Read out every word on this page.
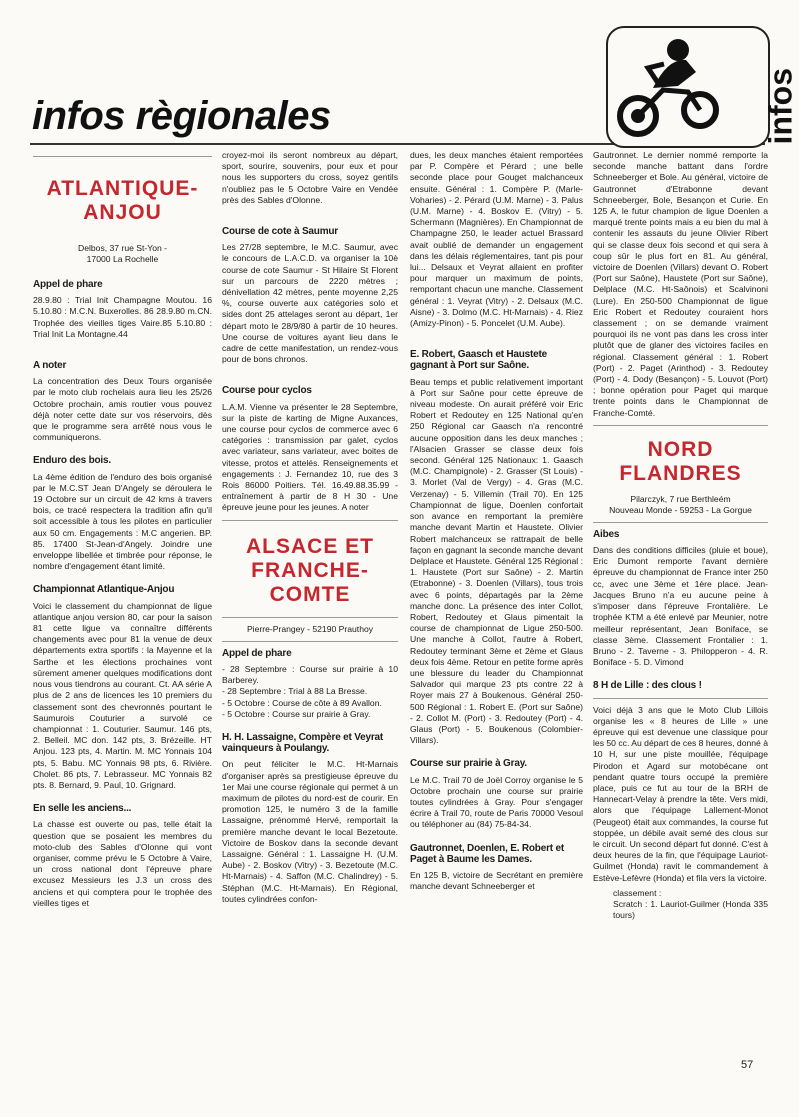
infos règionales	infos
ATLANTIQUE-ANJOU
Delbos, 37 rue St-Yon -
17000 La Rochelle
Appel de phare

28.9.80 : Trial Init Champagne Moutou. 16 5.10.80 : M.C.N. Buxerolles. 86 28.9.80 m.CN. Trophée des vieilles tiges Vaire.85 5.10.80 : Trial Init La Montagne.44

A noter

La concentration des Deux Tours organisée par le moto club rochelais aura lieu les 25/26 Octobre prochain, amis routier vous pouvez déjà noter cette date sur vos réservoirs, dès que le programme sera arrêté nous vous le communiquerons.

Enduro des bois.

La 4ème édition de l'enduro des bois organisé par le M.C.ST Jean D'Angely se déroulera le 19 Octobre sur un circuit de 42 kms à travers bois, ce tracé respectera la tradition afin qu'il soit accessible à tous les pilotes en particulier aux 50 cm. Engagements : M.C angerien. BP. 85. 17400 St-Jean-d'Angely. Joindre une enveloppe libellée et timbrée pour réponse, le nombre d'engagement étant limité.

Championnat Atlantique-Anjou

Voici le classement du championnat de ligue atlantique anjou version 80, car pour la saison 81 cette ligue va connaître différents changements avec pour 81 la venue de deux départements extra sportifs : la Mayenne et la Sarthe et les élections prochaines vont sûrement amener quelques modifications dont nous vous tiendrons au courant. Ct. AA série A plus de 2 ans de licences les 10 premiers du classement sont des chevronnés pourtant le Saumurois Couturier a survolé ce championnat : 1. Couturier. Saumur. 146 pts, 2. Belleil. MC don. 142 pts, 3. Brézeille. HT Anjou. 123 pts, 4. Martin. M. MC Yonnais 104 pts, 5. Babu. MC Yonnais 98 pts, 6. Rivière. Cholet. 86 pts, 7. Lebrasseur. MC Yonnais 82 pts. 8. Bernard, 9. Paul, 10. Grignard.

En selle les anciens...

La chasse est ouverte ou pas, telle était la question que se posaient les membres du moto-club des Sables d'Olonne qui vont organiser, comme prévu le 5 Octobre à Vaire, un cross national dont l'épreuve phare excusez Messieurs les J.3 un cross des anciens et qui comptera pour le trophée des vieilles tiges et

croyez-moi ils seront nombreux au départ, sport, sourire, souvenirs, pour eux et pour nous les supporters du cross, soyez gentils n'oubliez pas le 5 Octobre Vaire en Vendée près des Sables d'Olonne.

Course de cote à Saumur

Les 27/28 septembre, le M.C. Saumur, avec le concours de L.A.C.D. va organiser la 10è course de cote Saumur - St Hilaire St Florent sur un parcours de 2220 mètres ; dénivellation 42 mètres, pente moyenne 2,25 %, course ouverte aux catégories solo et sides dont 25 attelages seront au départ, 1er départ moto le 28/9/80 à partir de 10 heures. Une course de voitures ayant lieu dans le cadre de cette manifestation, un rendez-vous pour de bons chronos.

Course pour cyclos

L.A.M. Vienne va présenter le 28 Septembre, sur la piste de karting de Migne Auxances, une course pour cyclos de commerce avec 6 catégories : transmission par galet, cyclos avec variateur, sans variateur, avec boites de vitesse, protos et attelés. Renseignements et engagements : J. Fernandez 10, rue des 3 Rois 86000 Poitiers. Tél. 16.49.88.35.99 - entraînement à partir de 8 H 30 - Une épreuve jeune pour les jeunes. A noter

ALSACE ET FRANCHE-COMTE
Pierre-Prangey - 52190 Prauthoy
Appel de phare

- 28 Septembre : Course sur prairie à 10 Barberey.

- 28 Septembre : Trial à 88 La Bresse.

- 5 Octobre : Course de côte à 89 Avallon.

- 5 Octobre : Course sur prairie à Gray.

H. H. Lassaigne, Compère et Veyrat vainqueurs à Poulangy.

On peut féliciter le M.C. Ht-Marnais d'organiser après sa prestigieuse épreuve du 1er Mai une course régionale qui permet à un maximum de pilotes du nord-est de courir. En promotion 125, le numéro 3 de la famille Lassaigne, prénommé Hervé, remportait la première manche devant le local Bezetoute. Victoire de Boskov dans la seconde devant Lassaigne. Général : 1. Lassaigne H. (U.M. Aube) - 2. Boskov (Vitry) - 3. Bezetoute (M.C. Ht-Marnais) - 4. Saffon (M.C. Chalindrey) - 5. Stéphan (M.C. Ht-Marnais). En Régional, toutes cylindrées confon-

dues, les deux manches étaient remportées par P. Compère et Pérard ; une belle seconde place pour Gouget malchanceux ensuite. Général : 1. Compère P. (Marle-Voharies) - 2. Pérard (U.M. Marne) - 3. Palus (U.M. Marne) - 4. Boskov E. (Vitry) - 5. Schermann (Magnières). En Championnat de Champagne 250, le leader actuel Brassard avait oublié de demander un engagement dans les délais réglementaires, tant pis pour lui... Delsaux et Veyrat allaient en profiter pour marquer un maximum de points, remportant chacun une manche. Classement général : 1. Veyrat (Vitry) - 2. Delsaux (M.C. Aisne) - 3. Dolmo (M.C. Ht-Marnais) - 4. Riez (Amizy-Pinon) - 5. Poncelet (U.M. Aube).

E. Robert, Gaasch et Haustete gagnant à Port sur Saône.

Beau temps et public relativement important à Port sur Saône pour cette épreuve de niveau modeste. On aurait préféré voir Eric Robert et Redoutey en 125 National qu'en 250 Régional car Gaasch n'a rencontré aucune opposition dans les deux manches ; l'Alsacien Grasser se classe deux fois second. Général 125 Nationaux: 1. Gaasch (M.C. Champignole) - 2. Grasser (St Louis) - 3. Morlet (Val de Vergy) - 4. Gras (M.C. Verzenay) - 5. Villemin (Trail 70). En 125 Championnat de ligue, Doenlen confortait son avance en remportant la première manche devant Martin et Haustete. Olivier Robert malchanceux se rattrapait de belle façon en gagnant la seconde manche devant Delplace et Haustete. Général 125 Régional : 1. Haustete (Port sur Saône) - 2. Martin (Etrabonne) - 3. Doenlen (Villars), tous trois avec 6 points, départagés par la 2ème manche donc. La présence des inter Collot, Robert, Redoutey et Glaus pimentait la course de championnat de Ligue 250-500. Une manche à Collot, l'autre à Robert, Redoutey terminant 3ème et 2ème et Glaus deux fois 4ème. Retour en petite forme après une blessure du leader du Championnat Salvador qui marque 23 pts contre 22 à Royer mais 27 à Boukenous. Général 250-500 Régional : 1. Robert E. (Port sur Saône) - 2. Collot M. (Port) - 3. Redoutey (Port) - 4. Glaus (Port) - 5. Boukenous (Colombier-Villars).

Course sur prairie à Gray.

Le M.C. Trail 70 de Joël Corroy organise le 5 Octobre prochain une course sur prairie toutes cylindrées à Gray. Pour s'engager écrire à Trail 70, route de Paris 70000 Vesoul ou téléphoner au (84) 75-84-34.

Gautronnet, Doenlen, E. Robert et Paget à Baume les Dames.

En 125 B, victoire de Secrétant en première manche devant Schneeberger et

Gautronnet. Le dernier nommé remporte la seconde manche battant dans l'ordre Schneeberger et Bole. Au général, victoire de Gautronnet d'Etrabonne devant Schneeberger, Bole, Besançon et Curie. En 125 A, le futur champion de ligue Doenlen a marqué trente points mais a eu bien du mal à contenir les assauts du jeune Olivier Ribert qui se classe deux fois second et qui sera à coup sûr le plus fort en 81. Au général, victoire de Doenlen (Villars) devant O. Robert (Port sur Saône), Haustete (Port sur Saône), Delplace (M.C. Ht-Saônois) et Scalvinoni (Lure). En 250-500 Championnat de ligue Eric Robert et Redoutey couraient hors classement ; on se demande vraiment pourquoi ils ne vont pas dans les cross inter plutôt que de glaner des victoires faciles en régional. Classement général : 1. Robert (Port) - 2. Paget (Arinthod) - 3. Redoutey (Port) - 4. Dody (Besançon) - 5. Louvot (Port) ; bonne opération pour Paget qui marque trente points dans le Championnat de Franche-Comté.

NORD FLANDRES
Pilarczyk, 7 rue Berthleém
Nouveau Monde - 59253 - La Gorgue
Aibes

Dans des conditions difficiles (pluie et boue), Eric Dumont remporte l'avant dernière épreuve du championnat de France inter 250 cc, avec une 3ème et 1ère place. Jean-Jacques Bruno n'a eu aucune peine à s'imposer dans l'épreuve Frontalière. Le trophée KTM a été enlevé par Meunier, notre meilleur représentant, Jean Boniface, se classe 3ème. Classement Frontalier : 1. Bruno - 2. Taverne - 3. Philopperon - 4. R. Boniface - 5. D. Vimond

8 H de Lille : des clous !

Voici déjà 3 ans que le Moto Club Lillois organise les « 8 heures de Lille » une épreuve qui est devenue une classique pour les 50 cc. Au départ de ces 8 heures, donné à 10 H, sur une piste mouillée, l'équipage Pirodon et Agard sur motobécane ont pendant quatre tours occupé la première place, puis ce fut au tour de la BRH de Hannecart-Velay à prendre la tête. Vers midi, alors que l'équipage Lallement-Monot (Peugeot) était aux commandes, la course fut stoppée, un débile avait semé des clous sur le circuit. Un second départ fut donné. C'est à deux heures de la fin, que l'équipage Lauriot-Guilmet (Honda) ravit le commandement à Estève-Lefèvre (Honda) et fila vers la victoire.

classement :

Scratch : 1. Lauriot-Guilmer (Honda 335 tours)

57
